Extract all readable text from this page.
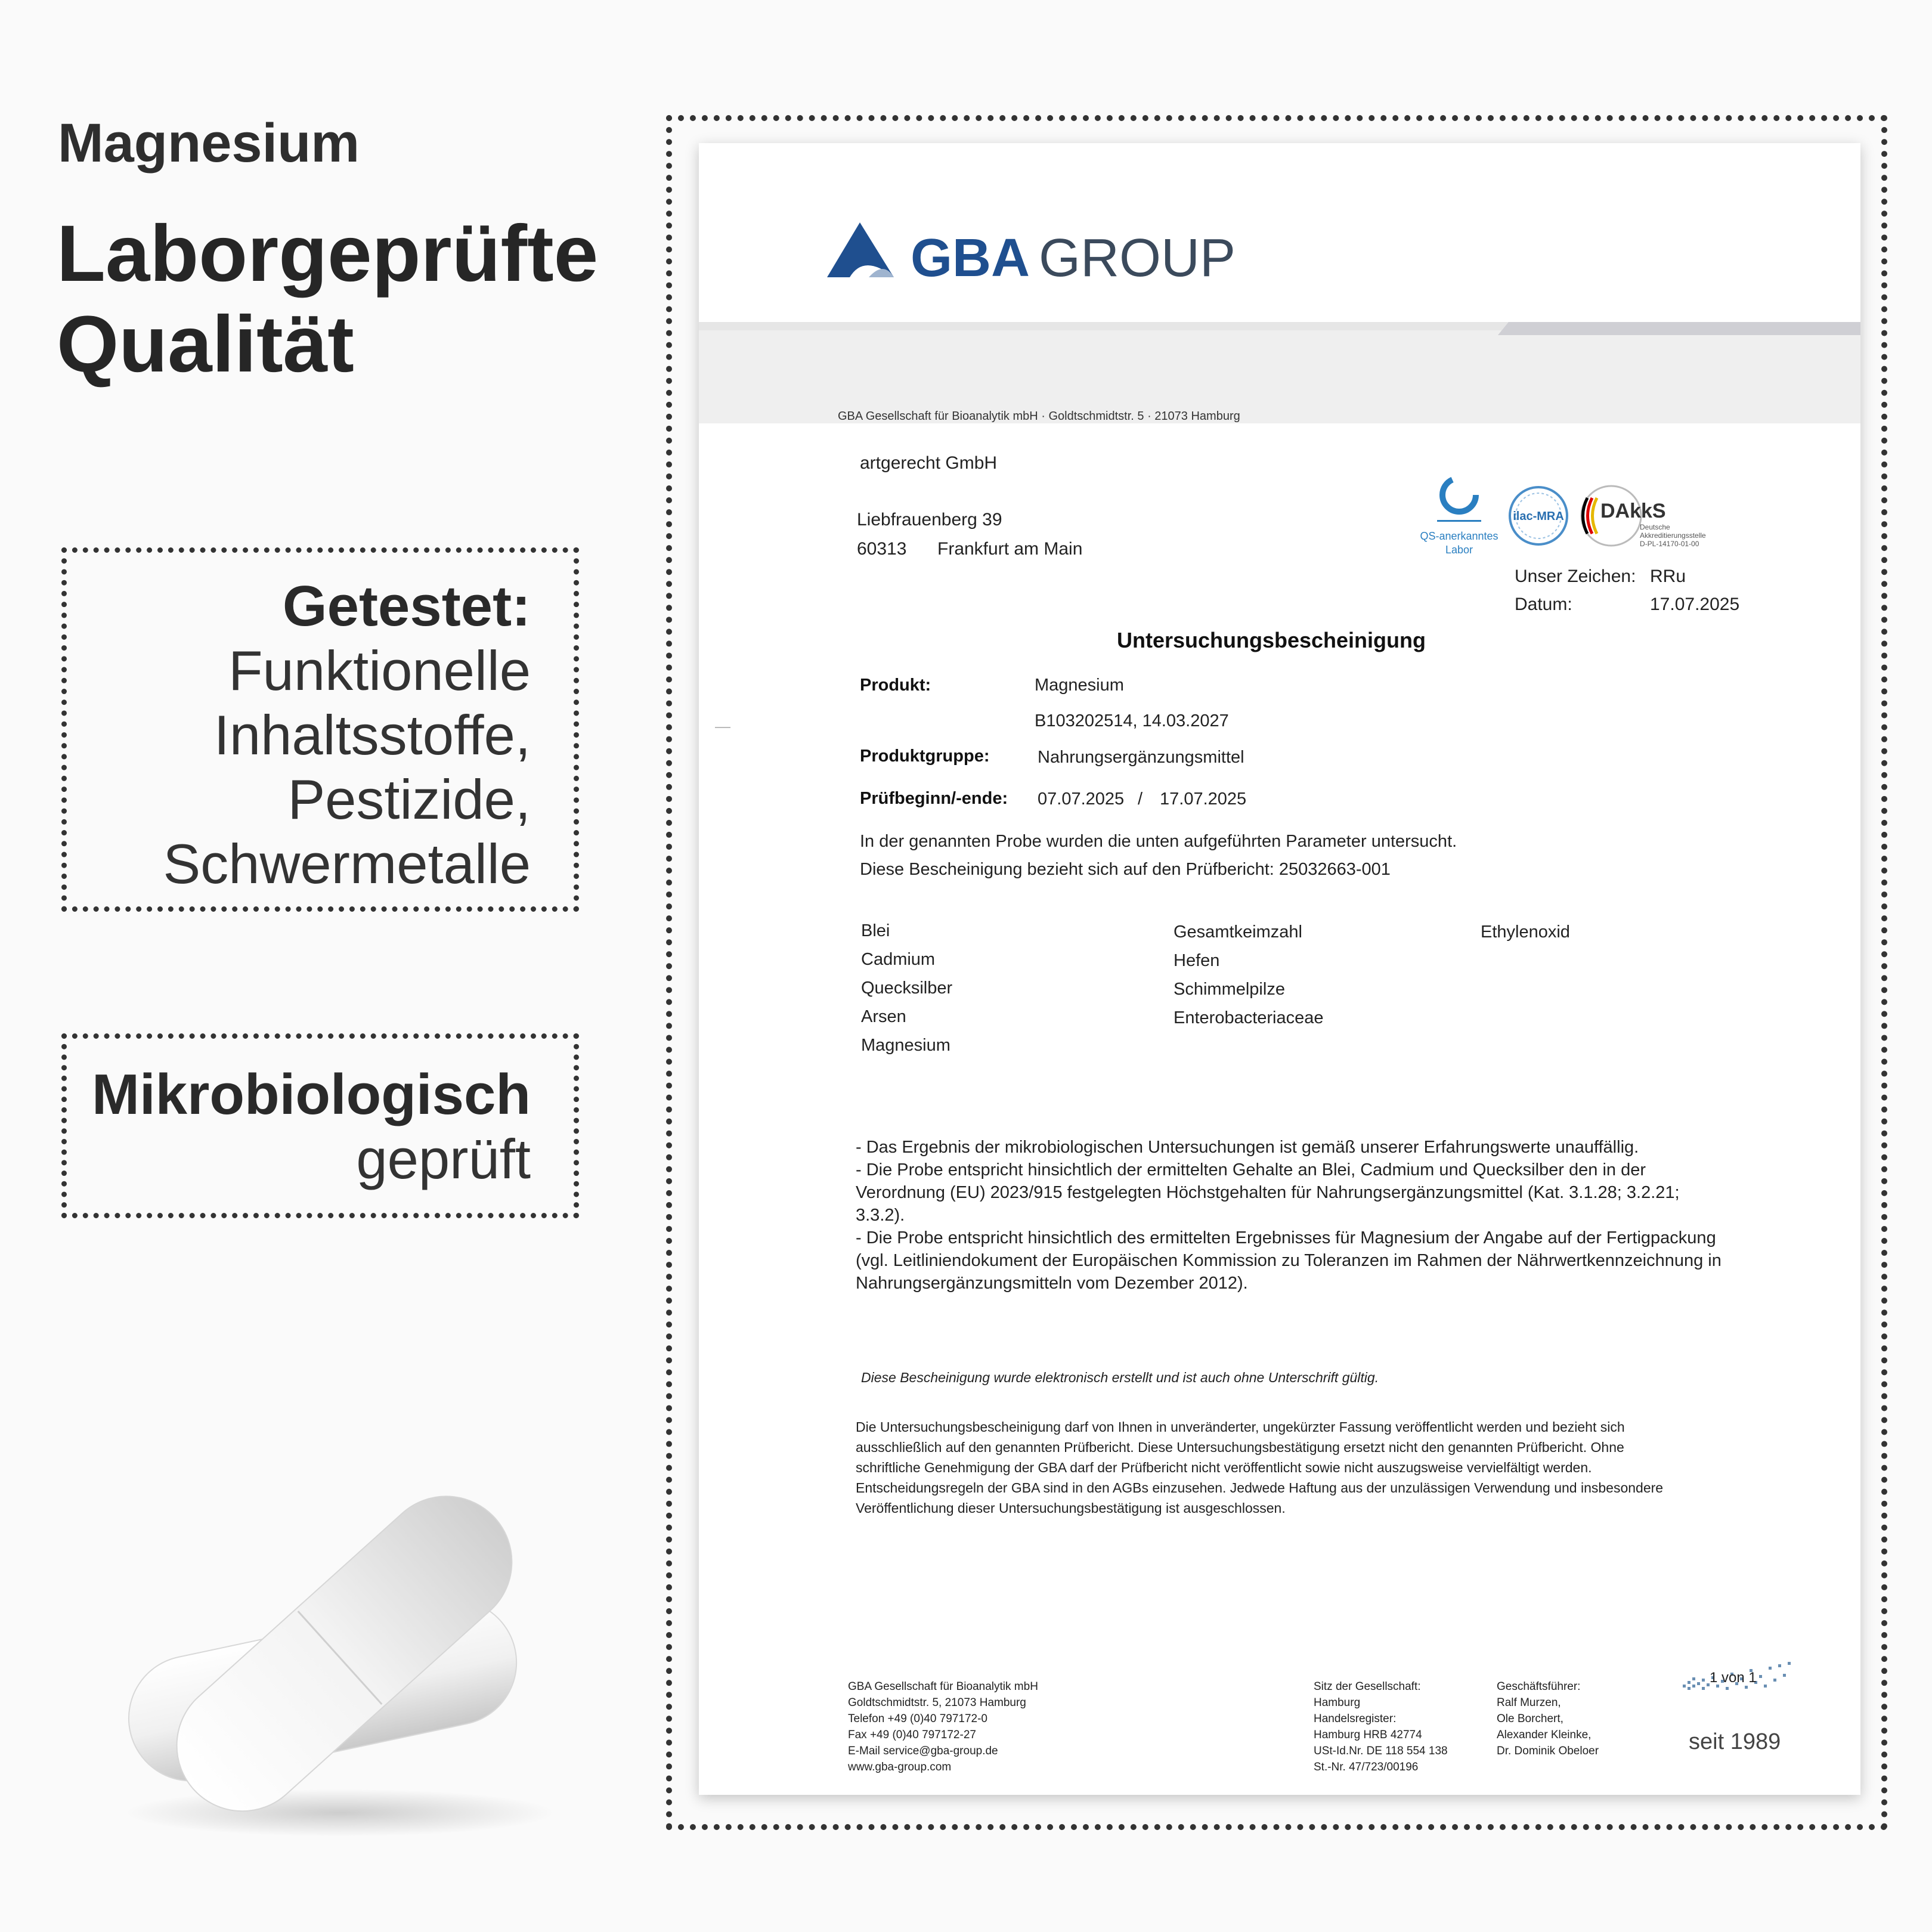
Magnesium
Laborgeprüfte
Qualität
Getestet:
Funktionelle
Inhaltsstoffe,
Pestizide,
Schwermetalle
Mikrobiologisch
geprüft
GBA GROUP
GBA Gesellschaft für Bioanalytik mbH · Goldtschmidtstr. 5 · 21073 Hamburg
artgerecht GmbH
Liebfrauenberg 39
60313 Frankfurt am Main
QS-anerkanntes
Labor
ilac-MRA DAkkS
Deutsche
Akkreditierungsstelle
D-PL-14170-01-00
Unser Zeichen: RRu
Datum:	17.07.2025
Untersuchungsbescheinigung
Produkt:	Magnesium
B103202514, 14.03.2027
Produktgruppe:	Nahrungsergänzungsmittel
Prüfbeginn/-ende: 07.07.2025 / 17.07.2025
In der genannten Probe wurden die unten aufgeführten Parameter untersucht.
Diese Bescheinigung bezieht sich auf den Prüfbericht: 25032663-001
Blei
Cadmium
Quecksilber
Arsen
Magnesium
Gesamtkeimzahl
Hefen
Schimmelpilze
Enterobacteriaceae
Ethylenoxid
- Das Ergebnis der mikrobiologischen Untersuchungen ist gemäß unserer Erfahrungswerte unauffällig.
- Die Probe entspricht hinsichtlich der ermittelten Gehalte an Blei, Cadmium und Quecksilber den in der
Verordnung (EU) 2023/915 festgelegten Höchstgehalten für Nahrungsergänzungsmittel (Kat. 3.1.28; 3.2.21;
3.3.2).
- Die Probe entspricht hinsichtlich des ermittelten Ergebnisses für Magnesium der Angabe auf der Fertigpackung
(vgl. Leitliniendokument der Europäischen Kommission zu Toleranzen im Rahmen der Nährwertkennzeichnung in
Nahrungsergänzungsmitteln vom Dezember 2012).
Diese Bescheinigung wurde elektronisch erstellt und ist auch ohne Unterschrift gültig.
Die Untersuchungsbescheinigung darf von Ihnen in unveränderter, ungekürzter Fassung veröffentlicht werden und bezieht sich
ausschließlich auf den genannten Prüfbericht. Diese Untersuchungsbestätigung ersetzt nicht den genannten Prüfbericht. Ohne
schriftliche Genehmigung der GBA darf der Prüfbericht nicht veröffentlicht sowie nicht auszugsweise vervielfältigt werden.
Entscheidungsregeln der GBA sind in den AGBs einzusehen. Jedwede Haftung aus der unzulässigen Verwendung und insbesondere
Veröffentlichung dieser Untersuchungsbestätigung ist ausgeschlossen.
GBA Gesellschaft für Bioanalytik mbH
Goldtschmidtstr. 5, 21073 Hamburg
Telefon +49 (0)40 797172-0
Fax +49 (0)40 797172-27
E-Mail service@gba-group.de
www.gba-group.com
Sitz der Gesellschaft:
Hamburg
Handelsregister:
Hamburg HRB 42774
USt-Id.Nr. DE 118 554 138
St.-Nr. 47/723/00196
Geschäftsführer:
Ralf Murzen,
Ole Borchert,
Alexander Kleinke,
Dr. Dominik Obeloer
1 von 1
seit 1989
